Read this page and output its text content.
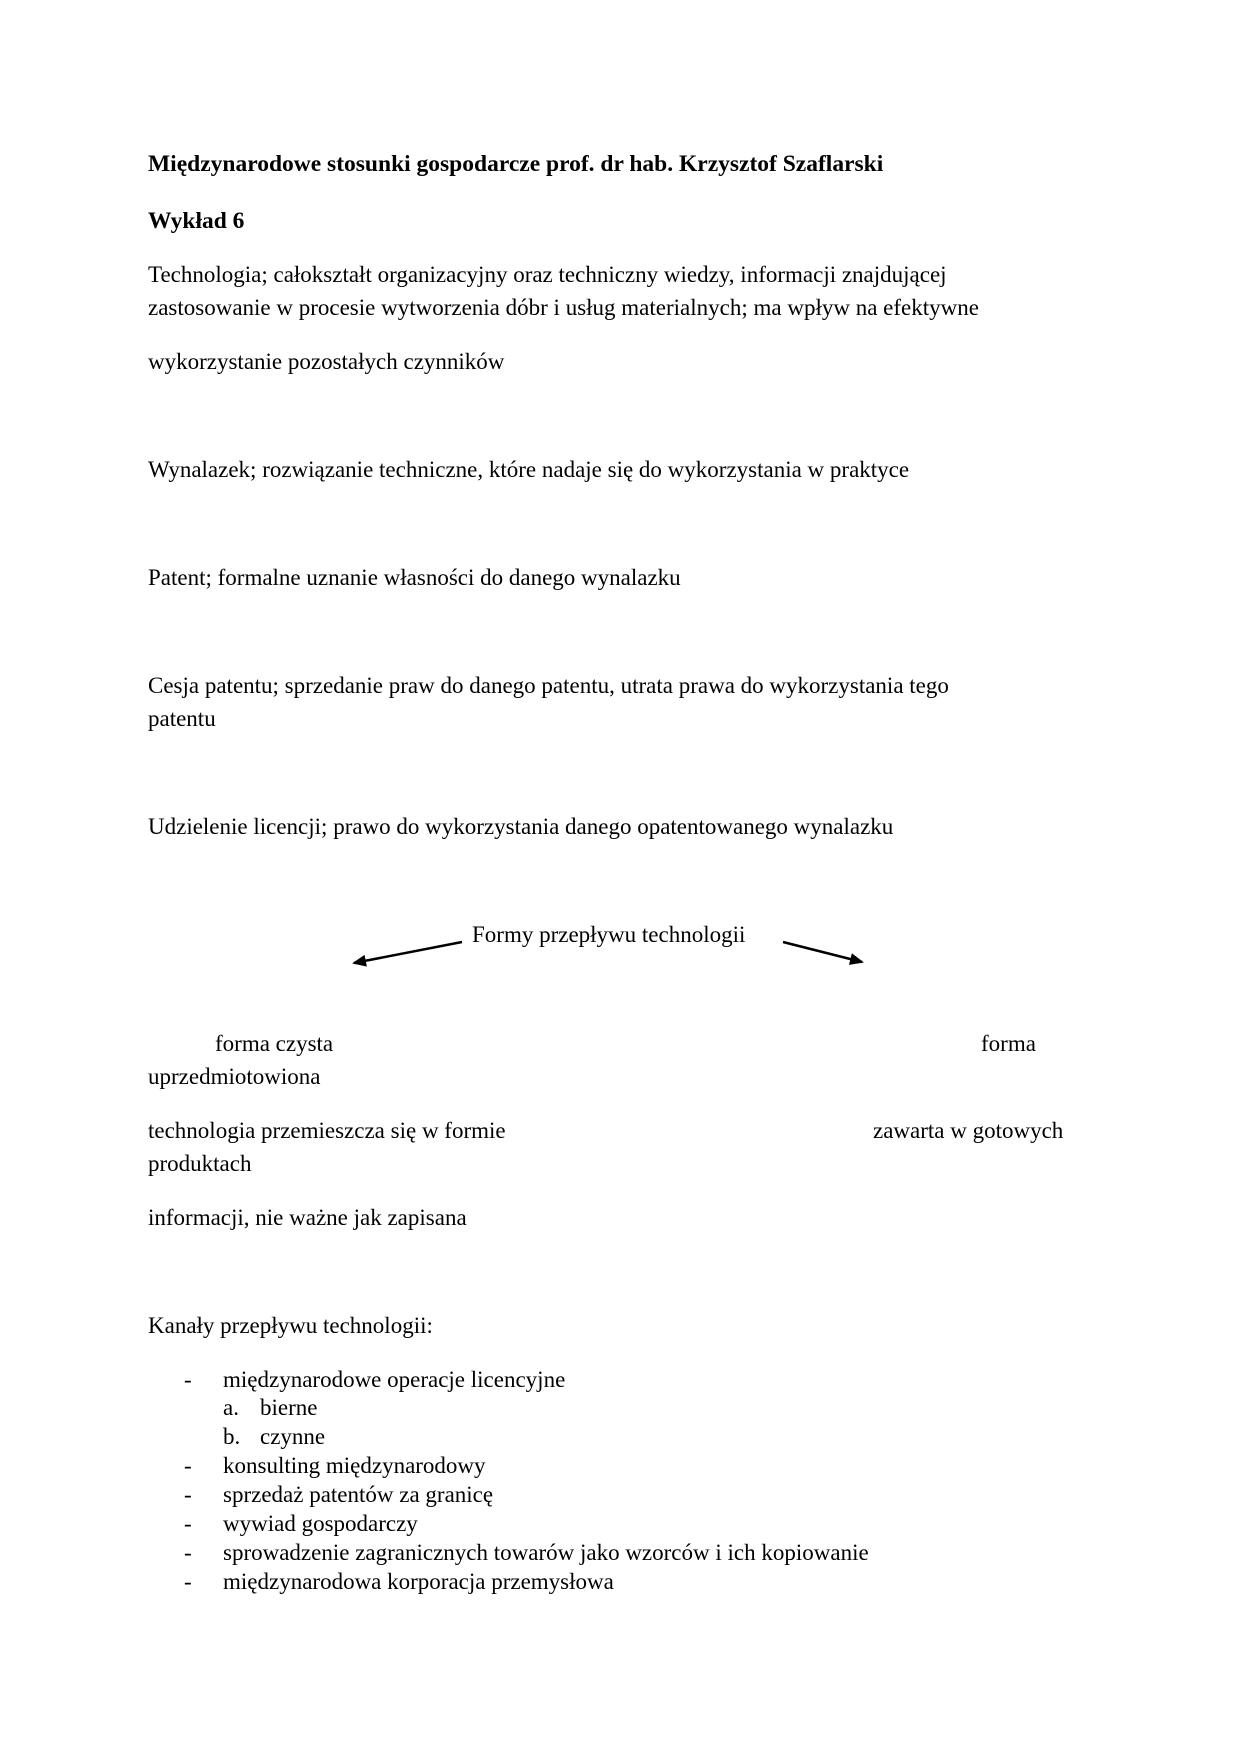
Międzynarodowe stosunki gospodarcze prof. dr hab. Krzysztof Szaflarski
Wykład 6
Technologia; całokształt organizacyjny oraz techniczny wiedzy, informacji znajdującej
zastosowanie w procesie wytworzenia dóbr i usług materialnych; ma wpływ na efektywne
wykorzystanie pozostałych czynników
Wynalazek; rozwiązanie techniczne, które nadaje się do wykorzystania w praktyce
Patent; formalne uznanie własności do danego wynalazku
Cesja patentu; sprzedanie praw do danego patentu, utrata prawa do wykorzystania tego
patentu
Udzielenie licencji; prawo do wykorzystania danego opatentowanego wynalazku
Formy przepływu technologii
forma czysta	forma
uprzedmiotowiona
technologia przemieszcza się w formie	zawarta w gotowych
produktach
informacji, nie ważne jak zapisana
Kanały przepływu technologii:
- międzynarodowe operacje licencyjne
a. bierne
b. czynne
- konsulting międzynarodowy
- sprzedaż patentów za granicę
- wywiad gospodarczy
- sprowadzenie zagranicznych towarów jako wzorców i ich kopiowanie
- międzynarodowa korporacja przemysłowa
